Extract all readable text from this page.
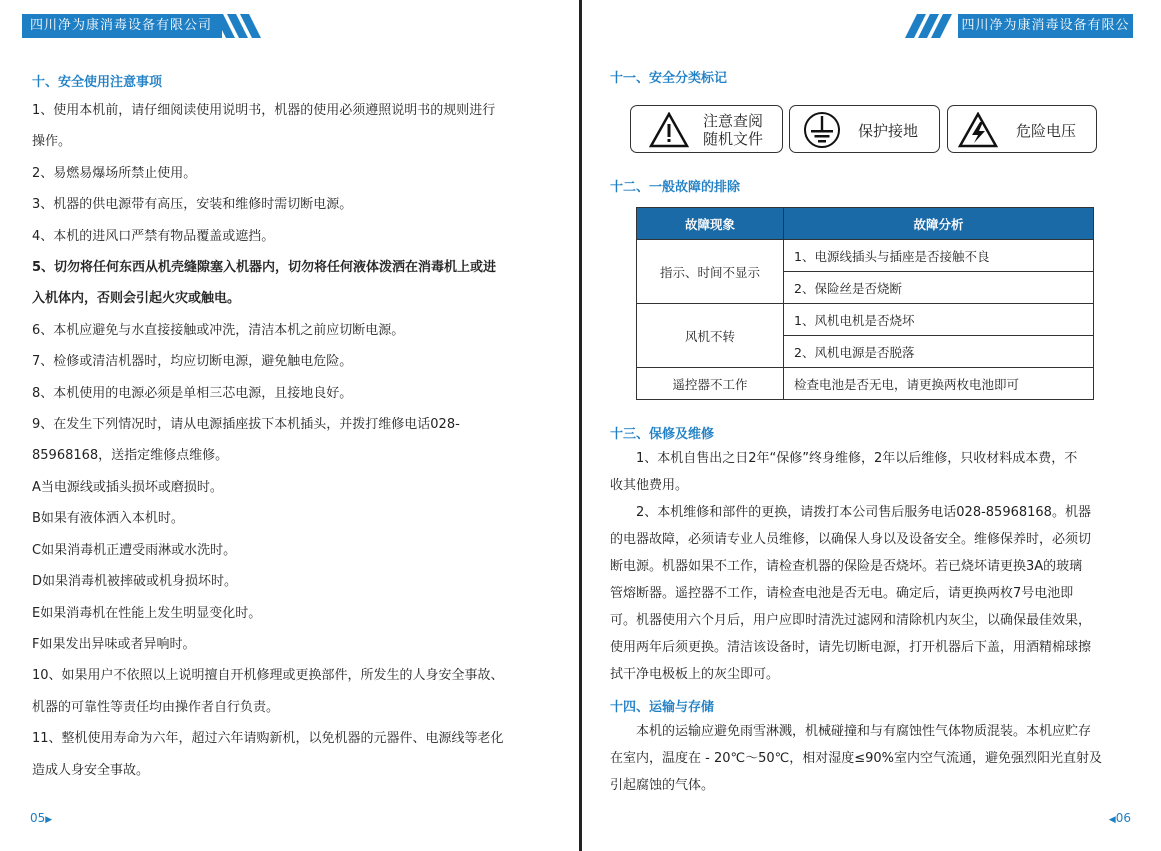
四川净为康消毒设备有限公司
十、安全使用注意事项

1、使用本机前，请仔细阅读使用说明书，机器的使用必须遵照说明书的规则进行

操作。

2、易燃易爆场所禁止使用。

3、机器的供电源带有高压，安装和维修时需切断电源。

4、本机的进风口严禁有物品覆盖或遮挡。

5、切勿将任何东西从机壳缝隙塞入机器内，切勿将任何液体泼洒在消毒机上或进

入机体内，否则会引起火灾或触电。

6、本机应避免与水直接接触或冲洗，清洁本机之前应切断电源。

7、检修或清洁机器时，均应切断电源，避免触电危险。

8、本机使用的电源必须是单相三芯电源，且接地良好。

9、在发生下列情况时，请从电源插座拔下本机插头，并拨打维修电话028-

85968168，送指定维修点维修。

A当电源线或插头损坏或磨损时。

B如果有液体洒入本机时。

C如果消毒机正遭受雨淋或水洗时。

D如果消毒机被摔破或机身损坏时。

E如果消毒机在性能上发生明显变化时。

F如果发出异味或者异响时。

10、如果用户不依照以上说明擅自开机修理或更换部件，所发生的人身安全事故、

机器的可靠性等责任均由操作者自行负责。

11、整机使用寿命为六年，超过六年请购新机，以免机器的元器件、电源线等老化

造成人身安全事故。

05▶
四川净为康消毒设备有限公司
十一、安全分类标记
注意查阅
随机文件	保护接地	危险电压
十二、一般故障的排除
故障现象	故障分析
指示、时间不显示	1、电源线插头与插座是否接触不良
	2、保险丝是否烧断
风机不转	1、风机电机是否烧坏
	2、风机电源是否脱落
遥控器不工作	检查电池是否无电，请更换两枚电池即可
十三、保修及维修

1、本机自售出之日2年“保修”终身维修，2年以后维修，只收材料成本费，不

收其他费用。

2、本机维修和部件的更换，请拨打本公司售后服务电话028-85968168。机器

的电器故障，必须请专业人员维修，以确保人身以及设备安全。维修保养时，必须切

断电源。机器如果不工作，请检查机器的保险是否烧坏。若已烧坏请更换3A的玻璃

管熔断器。遥控器不工作，请检查电池是否无电。确定后，请更换两枚7号电池即

可。机器使用六个月后，用户应即时清洗过滤网和清除机内灰尘，以确保最佳效果，

使用两年后须更换。清洁该设备时，请先切断电源，打开机器后下盖，用酒精棉球擦

拭干净电极板上的灰尘即可。

十四、运输与存储

本机的运输应避免雨雪淋溅，机械碰撞和与有腐蚀性气体物质混装。本机应贮存

在室内，温度在 - 20℃～50℃，相对湿度≤90%室内空气流通，避免强烈阳光直射及

引起腐蚀的气体。

◀06
